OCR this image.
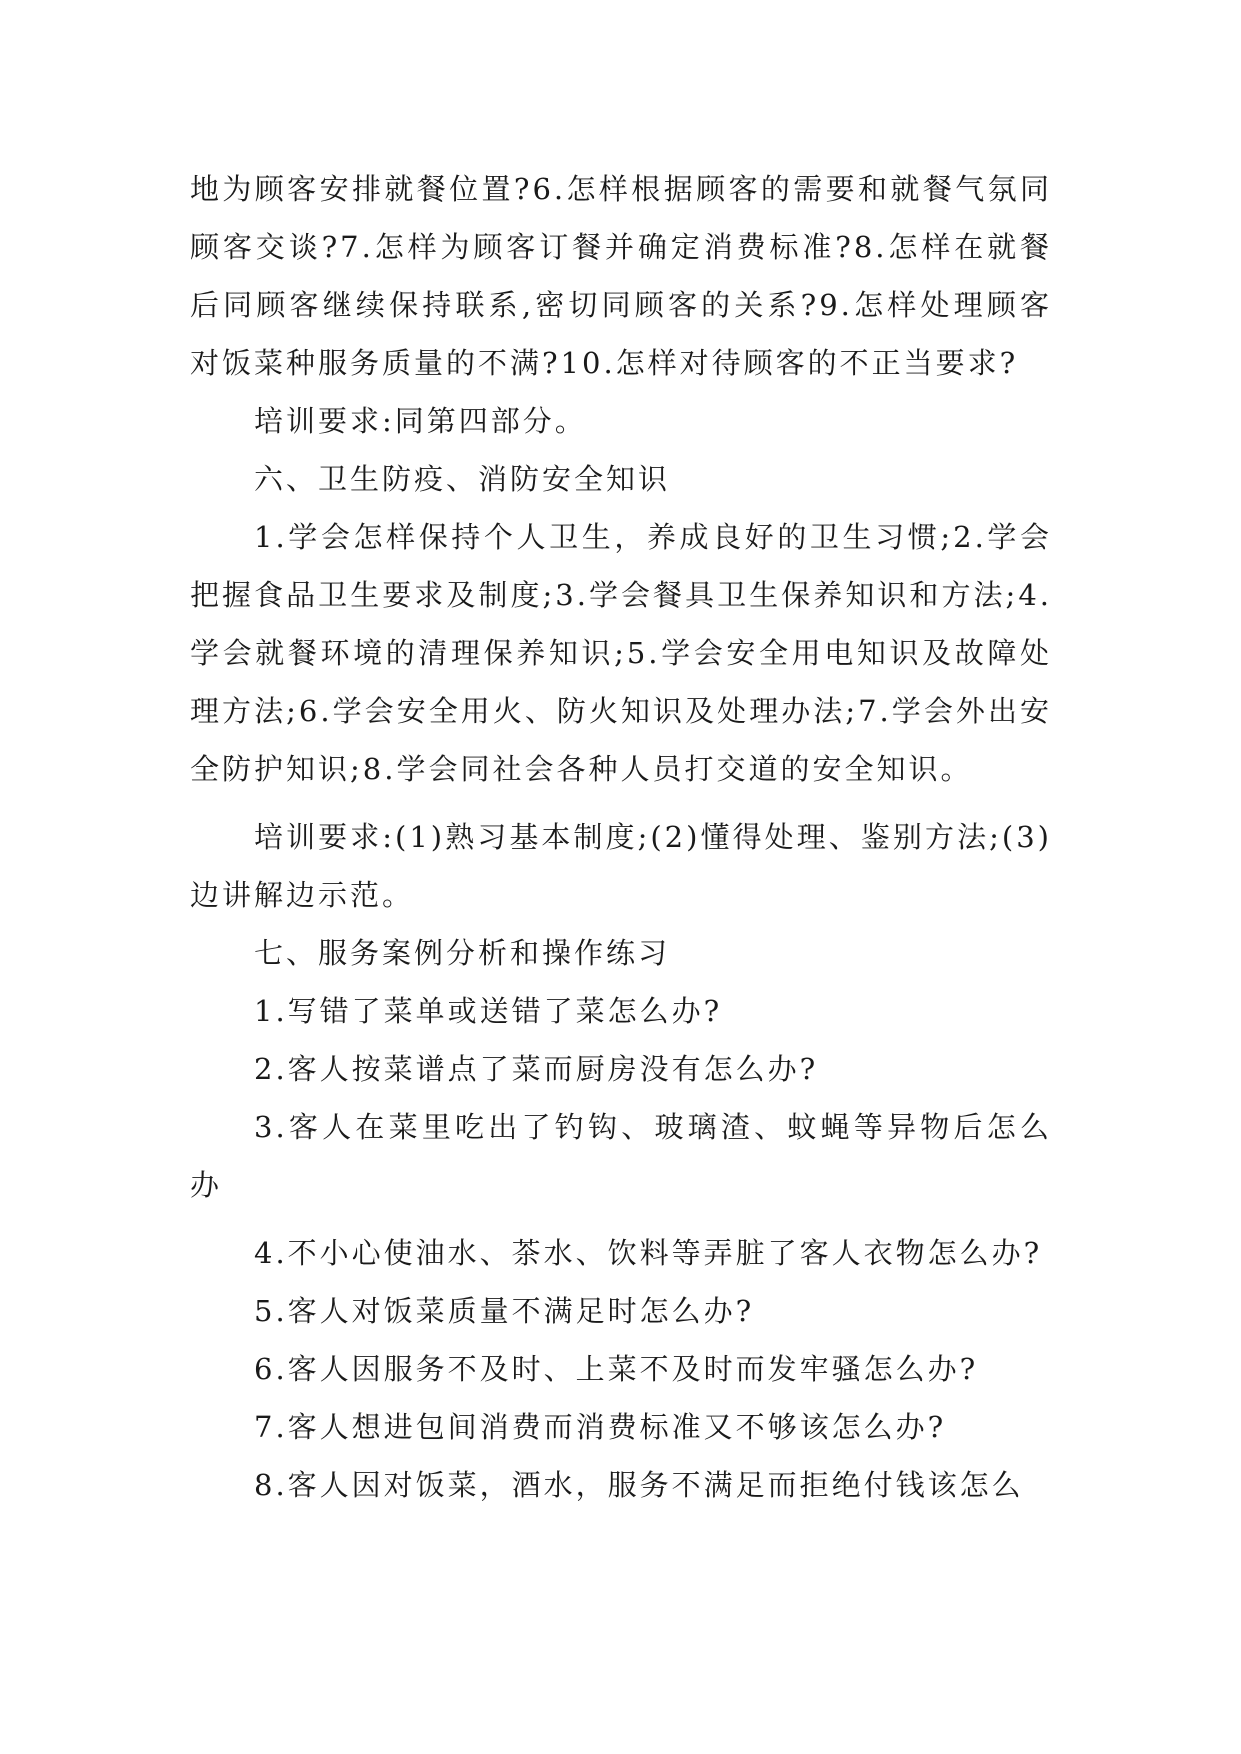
地为顾客安排就餐位置?6.怎样根据顾客的需要和就餐气氛同顾客交谈?7.怎样为顾客订餐并确定消费标准?8.怎样在就餐后同顾客继续保持联系,密切同顾客的关系?9.怎样处理顾客对饭菜种服务质量的不满?10.怎样对待顾客的不正当要求?

培训要求:同第四部分。

六、卫生防疫、消防安全知识

1.学会怎样保持个人卫生，养成良好的卫生习惯;2.学会把握食品卫生要求及制度;3.学会餐具卫生保养知识和方法;4.学会就餐环境的清理保养知识;5.学会安全用电知识及故障处理方法;6.学会安全用火、防火知识及处理办法;7.学会外出安全防护知识;8.学会同社会各种人员打交道的安全知识。

培训要求:(1)熟习基本制度;(2)懂得处理、鉴别方法;(3)边讲解边示范。

七、服务案例分析和操作练习

1.写错了菜单或送错了菜怎么办?

2.客人按菜谱点了菜而厨房没有怎么办?

3.客人在菜里吃出了钓钩、玻璃渣、蚊蝇等异物后怎么办

4.不小心使油水、茶水、饮料等弄脏了客人衣物怎么办?

5.客人对饭菜质量不满足时怎么办?

6.客人因服务不及时、上菜不及时而发牢骚怎么办?

7.客人想进包间消费而消费标准又不够该怎么办?

8.客人因对饭菜，酒水，服务不满足而拒绝付钱该怎么
